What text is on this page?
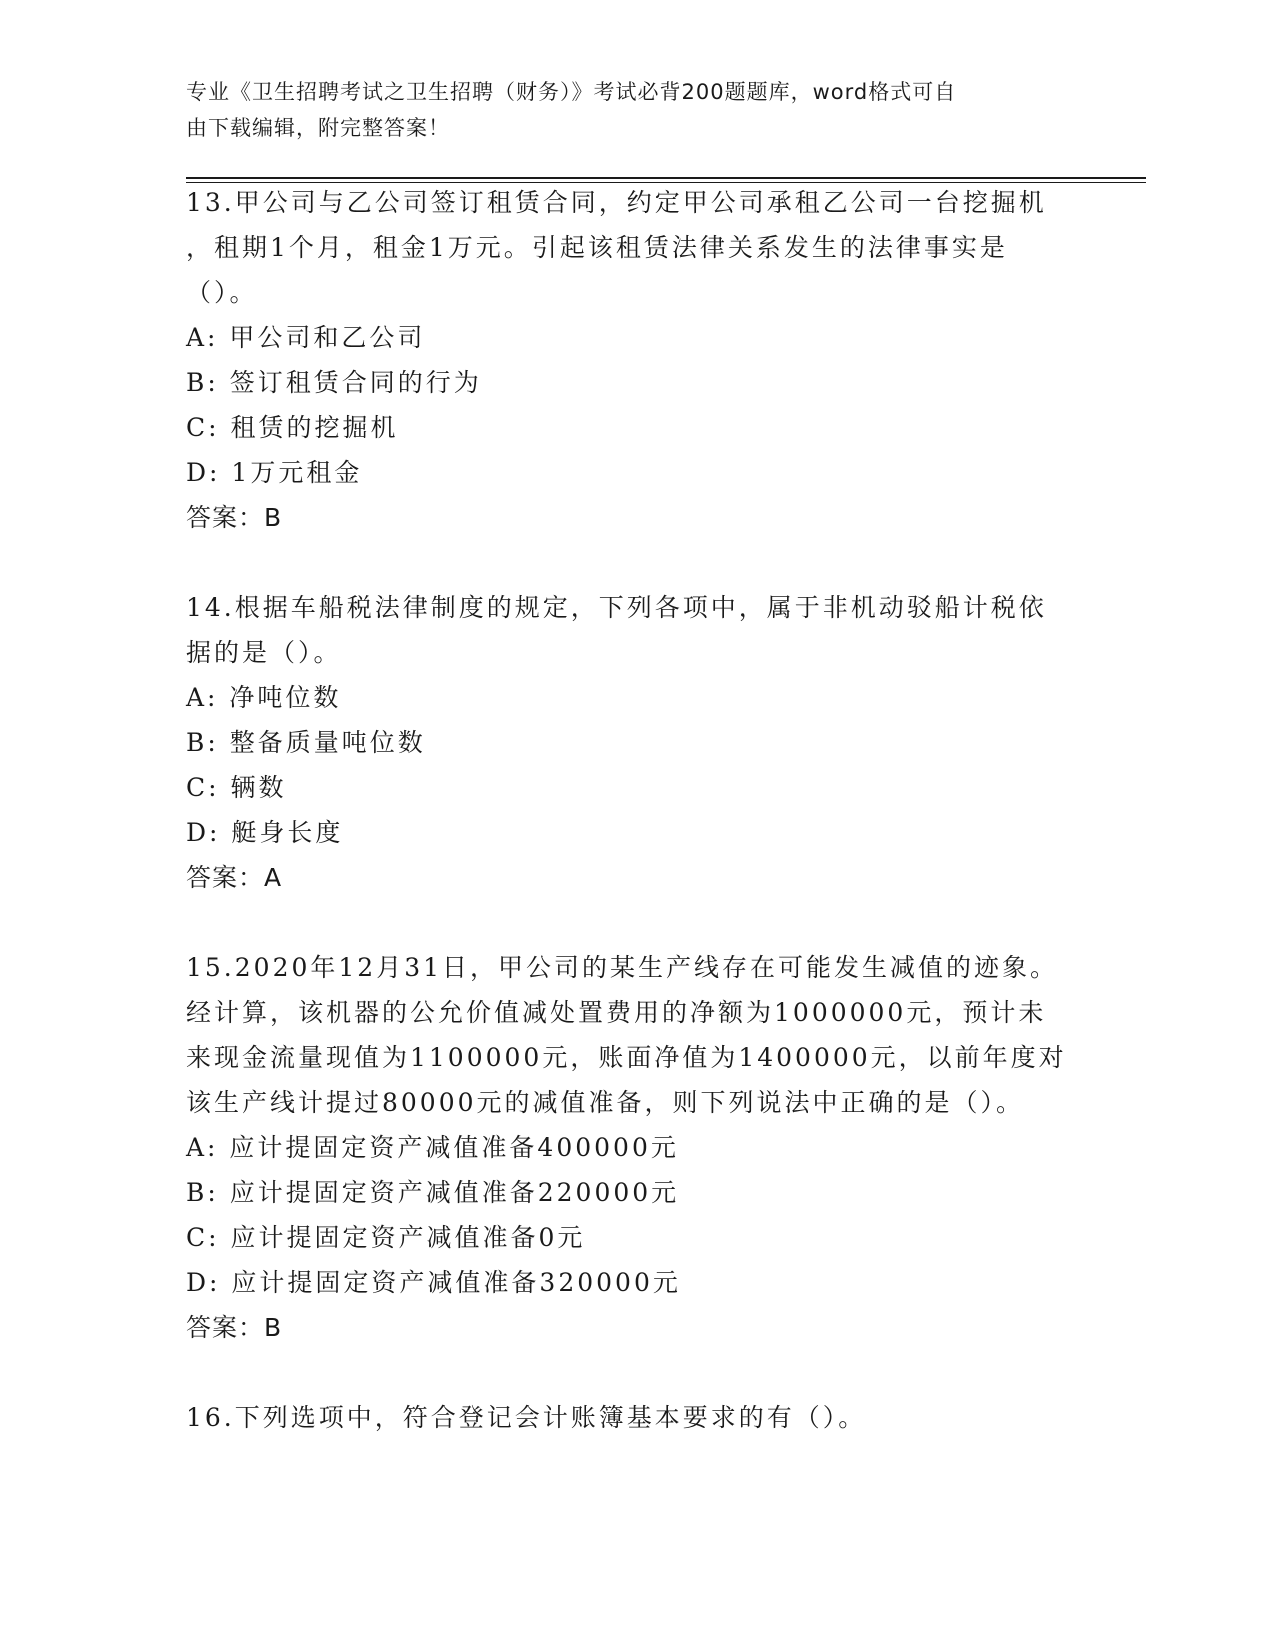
专业《卫生招聘考试之卫生招聘（财务）》考试必背200题题库，word格式可自
由下载编辑，附完整答案！
13.甲公司与乙公司签订租赁合同，约定甲公司承租乙公司一台挖掘机
，租期1个月，租金1万元。引起该租赁法律关系发生的法律事实是
（）。
A: 甲公司和乙公司
B: 签订租赁合同的行为
C: 租赁的挖掘机
D: 1万元租金
答案：B
14.根据车船税法律制度的规定，下列各项中，属于非机动驳船计税依
据的是（）。
A: 净吨位数
B: 整备质量吨位数
C: 辆数
D: 艇身长度
答案：A
15.2020年12月31日，甲公司的某生产线存在可能发生减值的迹象。
经计算，该机器的公允价值减处置费用的净额为1000000元，预计未
来现金流量现值为1100000元，账面净值为1400000元，以前年度对
该生产线计提过80000元的减值准备，则下列说法中正确的是（）。
A: 应计提固定资产减值准备400000元
B: 应计提固定资产减值准备220000元
C: 应计提固定资产减值准备0元
D: 应计提固定资产减值准备320000元
答案：B
16.下列选项中，符合登记会计账簿基本要求的有（）。
